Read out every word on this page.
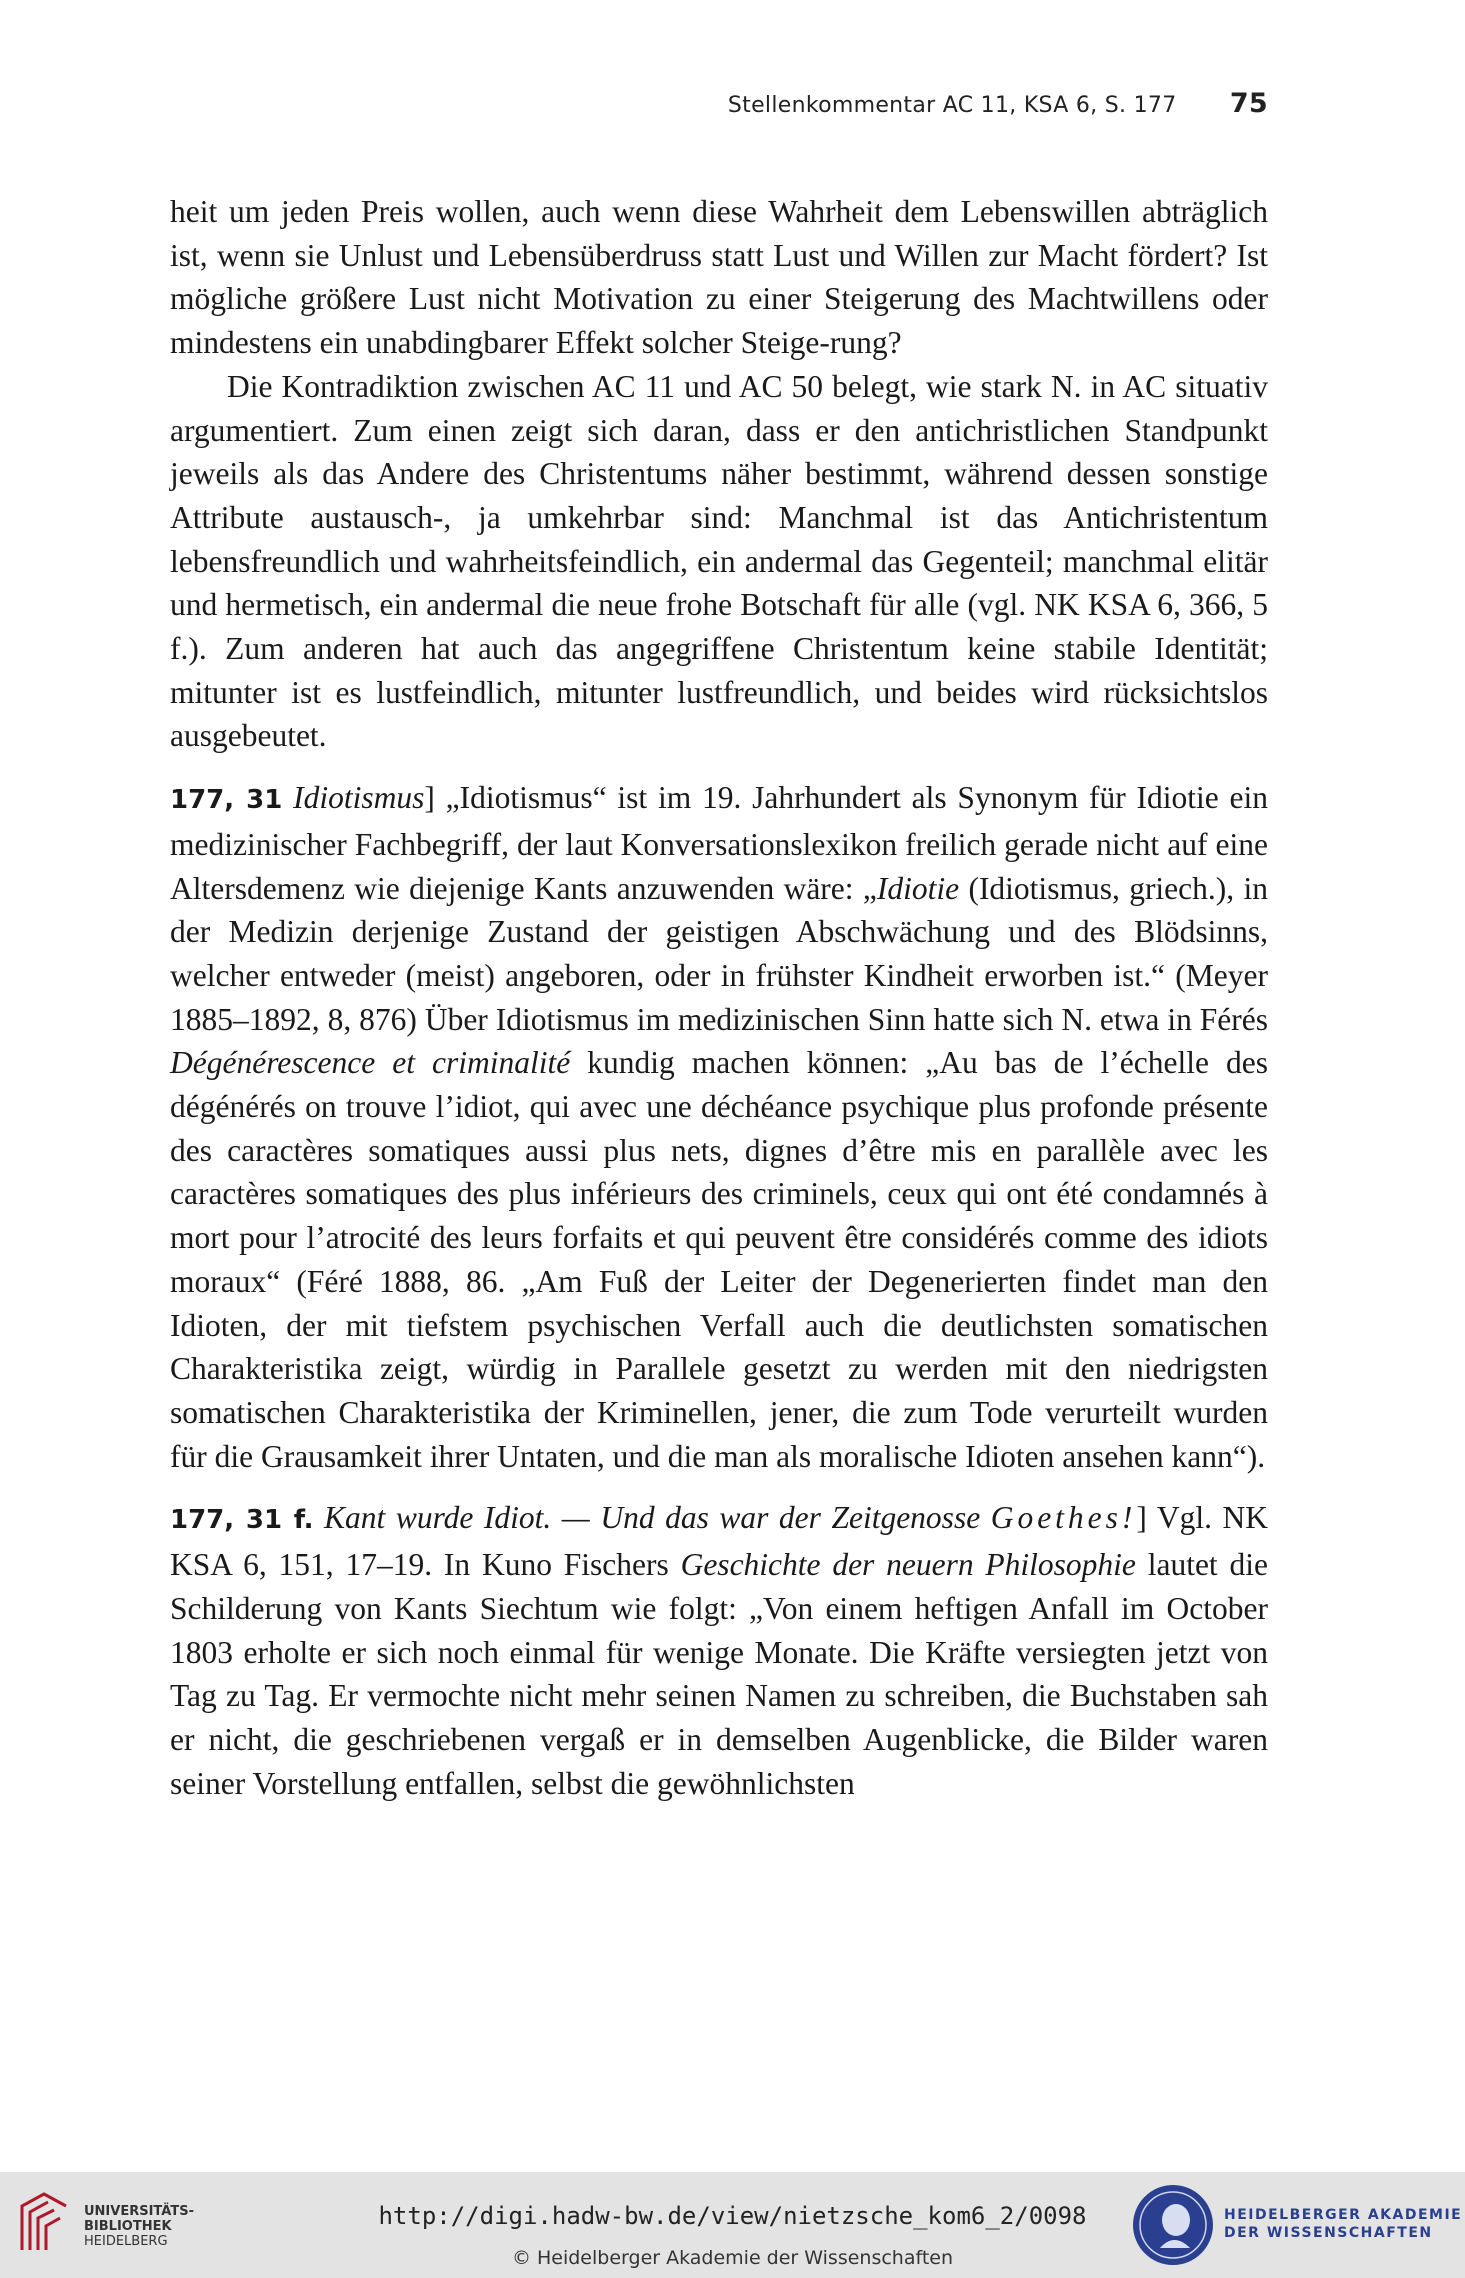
Stellenkommentar AC 11, KSA 6, S. 177 75

heit um jeden Preis wollen, auch wenn diese Wahrheit dem Lebenswillen abträglich ist, wenn sie Unlust und Lebensüberdruss statt Lust und Willen zur Macht fördert? Ist mögliche größere Lust nicht Motivation zu einer Steigerung des Machtwillens oder mindestens ein unabdingbarer Effekt solcher Steige-rung?

Die Kontradiktion zwischen AC 11 und AC 50 belegt, wie stark N. in AC situativ argumentiert. Zum einen zeigt sich daran, dass er den antichristlichen Standpunkt jeweils als das Andere des Christentums näher bestimmt, während dessen sonstige Attribute austausch-, ja umkehrbar sind: Manchmal ist das Antichristentum lebensfreundlich und wahrheitsfeindlich, ein andermal das Gegenteil; manchmal elitär und hermetisch, ein andermal die neue frohe Botschaft für alle (vgl. NK KSA 6, 366, 5 f.). Zum anderen hat auch das angegriffene Christentum keine stabile Identität; mitunter ist es lustfeindlich, mitunter lustfreundlich, und beides wird rücksichtslos ausgebeutet.

177, 31 Idiotismus] „Idiotismus“ ist im 19. Jahrhundert als Synonym für Idiotie ein medizinischer Fachbegriff, der laut Konversationslexikon freilich gerade nicht auf eine Altersdemenz wie diejenige Kants anzuwenden wäre: „Idiotie (Idiotismus, griech.), in der Medizin derjenige Zustand der geistigen Abschwächung und des Blödsinns, welcher entweder (meist) angeboren, oder in frühster Kindheit erworben ist.“ (Meyer 1885–1892, 8, 876) Über Idiotismus im medizinischen Sinn hatte sich N. etwa in Férés Dégénérescence et criminalité kundig machen können: „Au bas de l’échelle des dégénérés on trouve l’idiot, qui avec une déchéance psychique plus profonde présente des caractères somatiques aussi plus nets, dignes d’être mis en parallèle avec les caractères somatiques des plus inférieurs des criminels, ceux qui ont été condamnés à mort pour l’atrocité des leurs forfaits et qui peuvent être considérés comme des idiots moraux“ (Féré 1888, 86. „Am Fuß der Leiter der Degenerierten findet man den Idioten, der mit tiefstem psychischen Verfall auch die deutlichsten somatischen Charakteristika zeigt, würdig in Parallele gesetzt zu werden mit den niedrigsten somatischen Charakteristika der Kriminellen, jener, die zum Tode verurteilt wurden für die Grausamkeit ihrer Untaten, und die man als moralische Idioten ansehen kann“).

177, 31 f. Kant wurde Idiot. — Und das war der Zeitgenosse Goethes!] Vgl. NK KSA 6, 151, 17–19. In Kuno Fischers Geschichte der neuern Philosophie lautet die Schilderung von Kants Siechtum wie folgt: „Von einem heftigen Anfall im October 1803 erholte er sich noch einmal für wenige Monate. Die Kräfte versiegten jetzt von Tag zu Tag. Er vermochte nicht mehr seinen Namen zu schreiben, die Buchstaben sah er nicht, die geschriebenen vergaß er in demselben Augenblicke, die Bilder waren seiner Vorstellung entfallen, selbst die gewöhnlichsten

UNIVERSITÄTS-
BIBLIOTHEK
HEIDELBERG
http://digi.hadw-bw.de/view/nietzsche_kom6_2/0098
© Heidelberger Akademie der Wissenschaften
HEIDELBERGER AKADEMIE
DER WISSENSCHAFTEN
